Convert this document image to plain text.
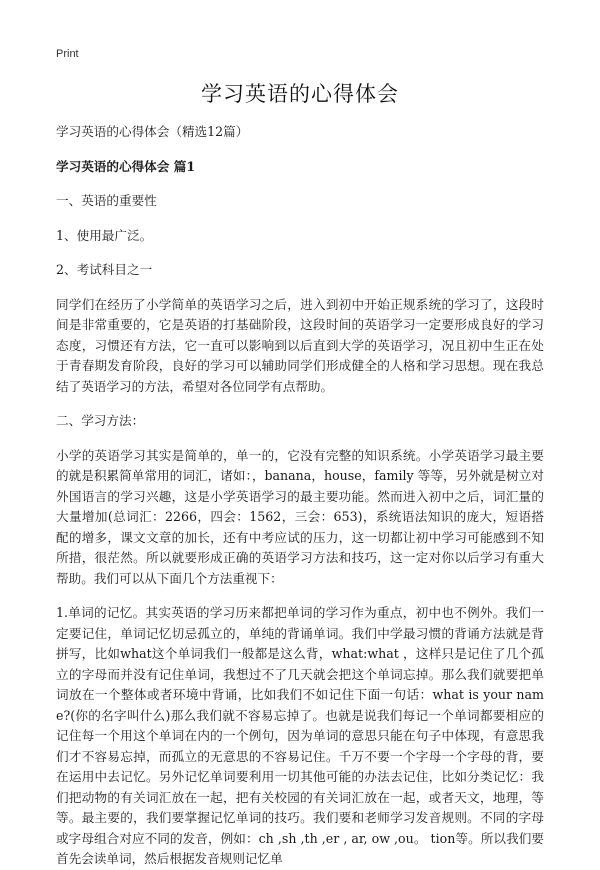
Print
学习英语的心得体会

学习英语的心得体会（精选12篇）

学习英语的心得体会 篇1

一、英语的重要性

1、使用最广泛。

2、考试科目之一

同学们在经历了小学简单的英语学习之后，进入到初中开始正规系统的学习了，这段时间是非常重要的，它是英语的打基础阶段，这段时间的英语学习一定要形成良好的学习态度，习惯还有方法，它一直可以影响到以后直到大学的英语学习，况且初中生正在处于青春期发育阶段，良好的学习可以辅助同学们形成健全的人格和学习思想。现在我总结了英语学习的方法，希望对各位同学有点帮助。

二、学习方法：

小学的英语学习其实是简单的，单一的，它没有完整的知识系统。小学英语学习最主要的就是积累简单常用的词汇，诸如：，banana，house，family 等等，另外就是树立对外国语言的学习兴趣，这是小学英语学习的最主要功能。然而进入初中之后，词汇量的大量增加(总词汇：2266，四会：1562，三会：653)，系统语法知识的庞大，短语搭配的增多，课文文章的加长，还有中考应试的压力，这一切都让初中学习可能感到不知所措，很茫然。所以就要形成正确的英语学习方法和技巧，这一定对你以后学习有重大帮助。我们可以从下面几个方法重视下：

1.单词的记忆。其实英语的学习历来都把单词的学习作为重点，初中也不例外。我们一定要记住，单词记忆切忌孤立的，单纯的背诵单词。我们中学最习惯的背诵方法就是背拼写，比如what这个单词我们一般都是这么背，what:what ，这样只是记住了几个孤立的字母而并没有记住单词，我想过不了几天就会把这个单词忘掉。那么我们就要把单词放在一个整体或者环境中背诵，比如我们不如记住下面一句话：what is your name?(你的名字叫什么)那么我们就不容易忘掉了。也就是说我们每记一个单词都要相应的记住每一个用这个单词在内的一个例句，因为单词的意思只能在句子中体现，有意思我们才不容易忘掉，而孤立的无意思的不容易记住。千万不要一个字母一个字母的背，要在运用中去记忆。另外记忆单词要利用一切其他可能的办法去记住，比如分类记忆：我们把动物的有关词汇放在一起，把有关校园的有关词汇放在一起，或者天文，地理，等等。最主要的，我们要掌握记忆单词的技巧。我们要和老师学习发音规则。不同的字母或字母组合对应不同的发音，例如：ch ,sh ,th ,er , ar, ow ,ou。 tion等。所以我们要首先会读单词，然后根据发音规则记忆单
